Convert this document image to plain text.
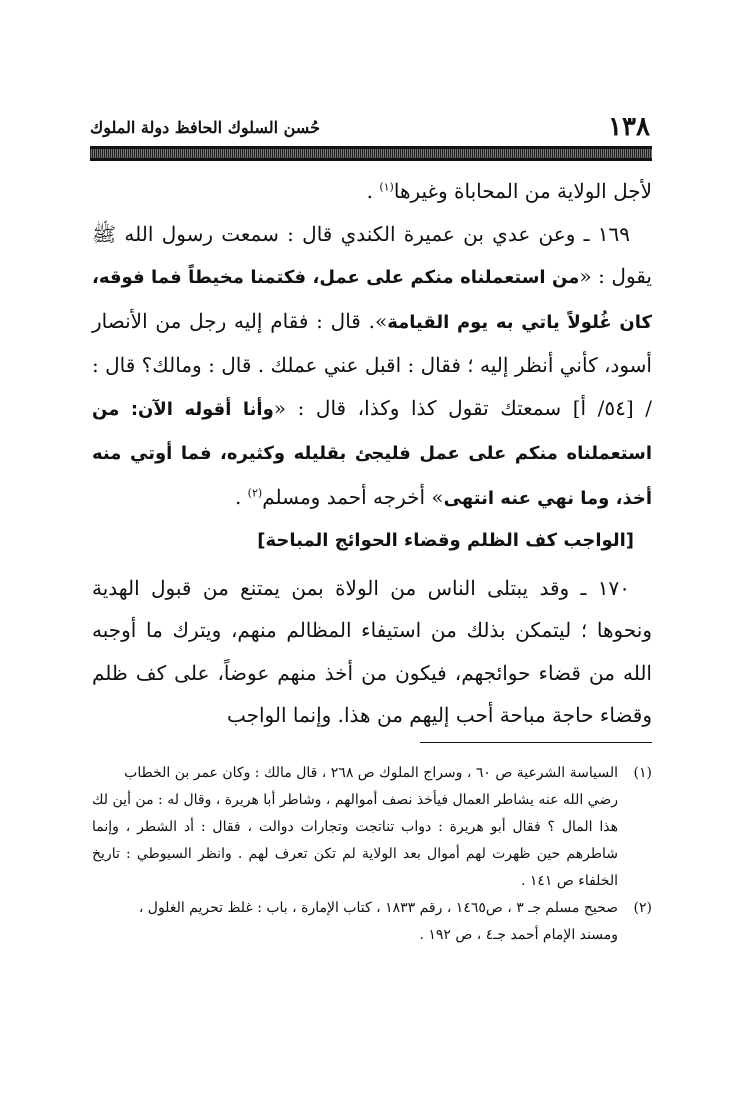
١٣٨
حُسن السلوك الحافظ دولة الملوك

لأجل الولاية من المحاباة وغيرها$^{(١)}$ .

١٦٩ ـ وعن عدي بن عميرة الكندي قال : سمعت رسول الله ﷺ يقول : «من استعملناه منكم على عمل، فكتمنا مخيطاً فما فوقه، كان غُلولاً ياتي به يوم القيامة». قال : فقام إليه رجل من الأنصار أسود، كأني أنظر إليه ؛ فقال : اقبل عني عملك . قال : ومالك؟ قال : / [٥٤/ أ] سمعتك تقول كذا وكذا، قال : «وأنا أقوله الآن: من استعملناه منكم على عمل فليجئ بقليله وكثيره، فما أوتي منه أخذ، وما نهي عنه انتهى» أخرجه أحمد ومسلم$^{(٢)}$ .

[الواجب كف الظلم وقضاء الحوائج المباحة]

١٧٠ ـ وقد يبتلى الناس من الولاة بمن يمتنع من قبول الهدية ونحوها ؛ ليتمكن بذلك من استيفاء المظالم منهم، ويترك ما أوجبه الله من قضاء حوائجهم، فيكون من أخذ منهم عوضاً، على كف ظلم وقضاء حاجة مباحة أحب إليهم من هذا. وإنما الواجب

(١)السياسة الشرعية ص ٦٠ ، وسراج الملوك ص ٢٦٨ ، قال مالك : وكان عمر بن الخطاب

رضي الله عنه يشاطر العمال فيأخذ نصف أموالهم ، وشاطر أبا هريرة ، وقال له : من أين لك هذا المال ؟ فقال أبو هريرة : دواب تناتجت وتجارات دوالت ، فقال : أد الشطر ، وإنما شاطرهم حين ظهرت لهم أموال بعد الولاية لم تكن تعرف لهم . وانظر السيوطي : تاريخ الخلفاء ص ١٤١ .

(٢)صحيح مسلم جـ ٣ ، ص١٤٦٥ ، رقم ١٨٣٣ ، كتاب الإمارة ، باب : غلظ تحريم الغلول ،

ومسند الإمام أحمد جـ٤ ، ص ١٩٢ .
